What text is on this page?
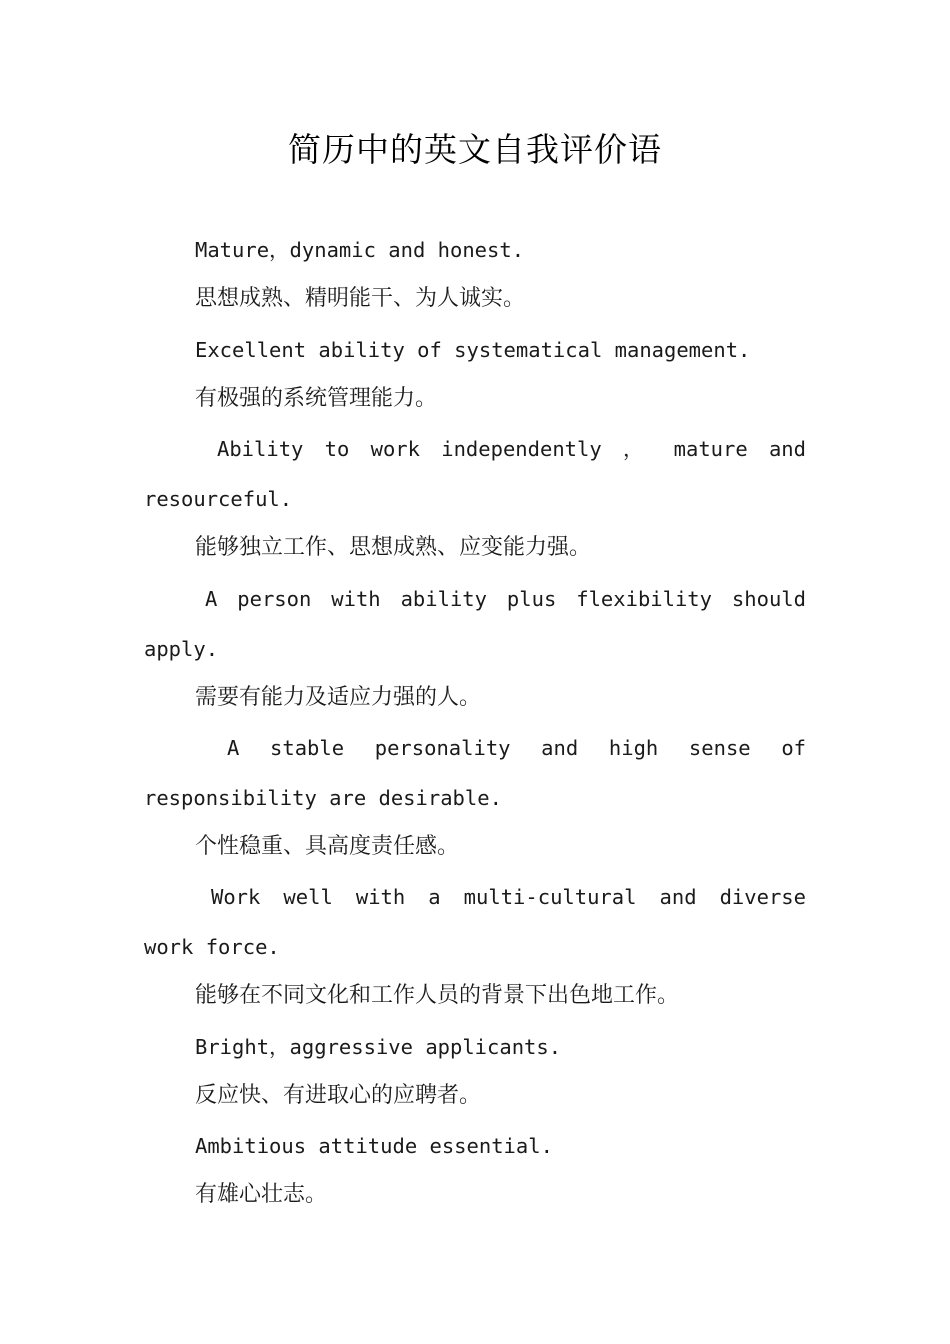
简历中的英文自我评价语
Mature，dynamic and honest.
思想成熟、精明能干、为人诚实。
Excellent ability of systematical management.
有极强的系统管理能力。
Ability to work independently ， mature and
resourceful.
能够独立工作、思想成熟、应变能力强。
A person with ability plus flexibility should
apply.
需要有能力及适应力强的人。
A stable personality and high sense of
responsibility are desirable.
个性稳重、具高度责任感。
Work well with a multi-cultural and diverse
work force.
能够在不同文化和工作人员的背景下出色地工作。
Bright，aggressive applicants.
反应快、有进取心的应聘者。
Ambitious attitude essential.
有雄心壮志。
